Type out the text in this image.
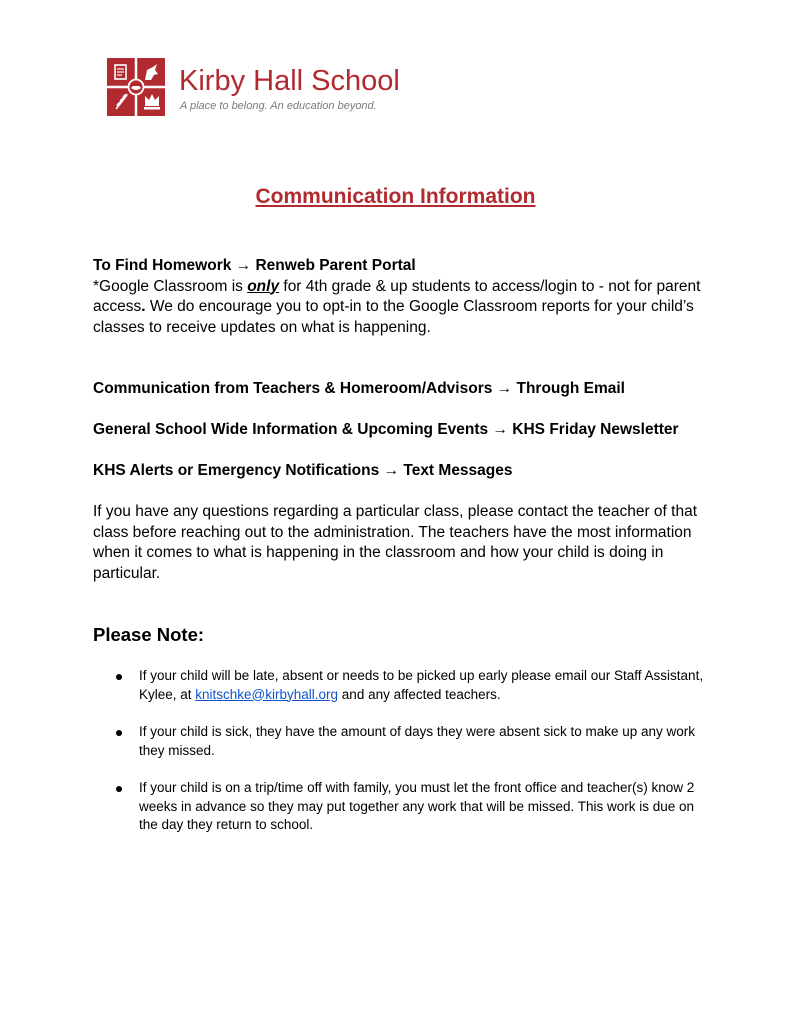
Kirby Hall School
A place to belong. An education beyond.
Communication Information

To Find Homework → Renweb Parent Portal
*Google Classroom is only for 4th grade & up students to access/login to - not for parent access. We do encourage you to opt-in to the Google Classroom reports for your child’s classes to receive updates on what is happening.

Communication from Teachers & Homeroom/Advisors → Through Email

General School Wide Information & Upcoming Events → KHS Friday Newsletter

KHS Alerts or Emergency Notifications → Text Messages

If you have any questions regarding a particular class, please contact the teacher of that class before reaching out to the administration. The teachers have the most information when it comes to what is happening in the classroom and how your child is doing in particular.

Please Note:
If your child will be late, absent or needs to be picked up early please email our Staff Assistant, Kylee, at knitschke@kirbyhall.org and any affected teachers.
If your child is sick, they have the amount of days they were absent sick to make up any work they missed.
If your child is on a trip/time off with family, you must let the front office and teacher(s) know 2 weeks in advance so they may put together any work that will be missed. This work is due on the day they return to school.
